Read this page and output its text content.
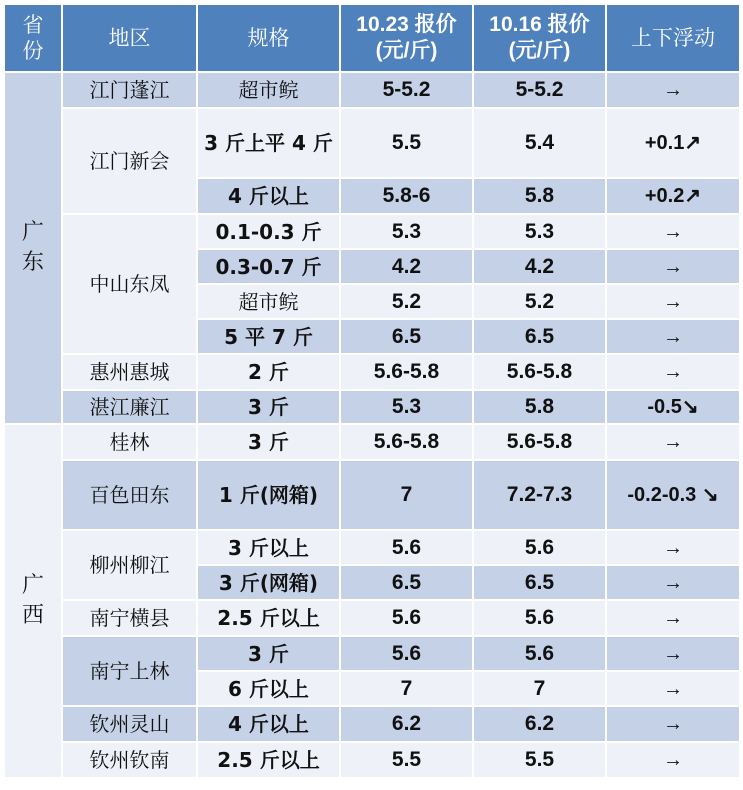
省份	地区	规格	10.23 报价(元/斤)	10.16 报价(元/斤)	上下浮动
广东	江门蓬江	超市鲩	5-5.2	5-5.2	→
	江门新会	3 斤上平 4 斤	5.5	5.4	+0.1↗
		4 斤以上	5.8-6	5.8	+0.2↗
	中山东凤	0.1-0.3 斤	5.3	5.3	→
		0.3-0.7 斤	4.2	4.2	→
		超市鲩	5.2	5.2	→
		5 平 7 斤	6.5	6.5	→
	惠州惠城	2 斤	5.6-5.8	5.6-5.8	→
	湛江廉江	3 斤	5.3	5.8	-0.5↘
广西	桂林	3 斤	5.6-5.8	5.6-5.8	→
	百色田东	1 斤(网箱)	7	7.2-7.3	-0.2-0.3 ↘
	柳州柳江	3 斤以上	5.6	5.6	→
		3 斤(网箱)	6.5	6.5	→
	南宁横县	2.5 斤以上	5.6	5.6	→
	南宁上林	3 斤	5.6	5.6	→
		6 斤以上	7	7	→
	钦州灵山	4 斤以上	6.2	6.2	→
	钦州钦南	2.5 斤以上	5.5	5.5	→
